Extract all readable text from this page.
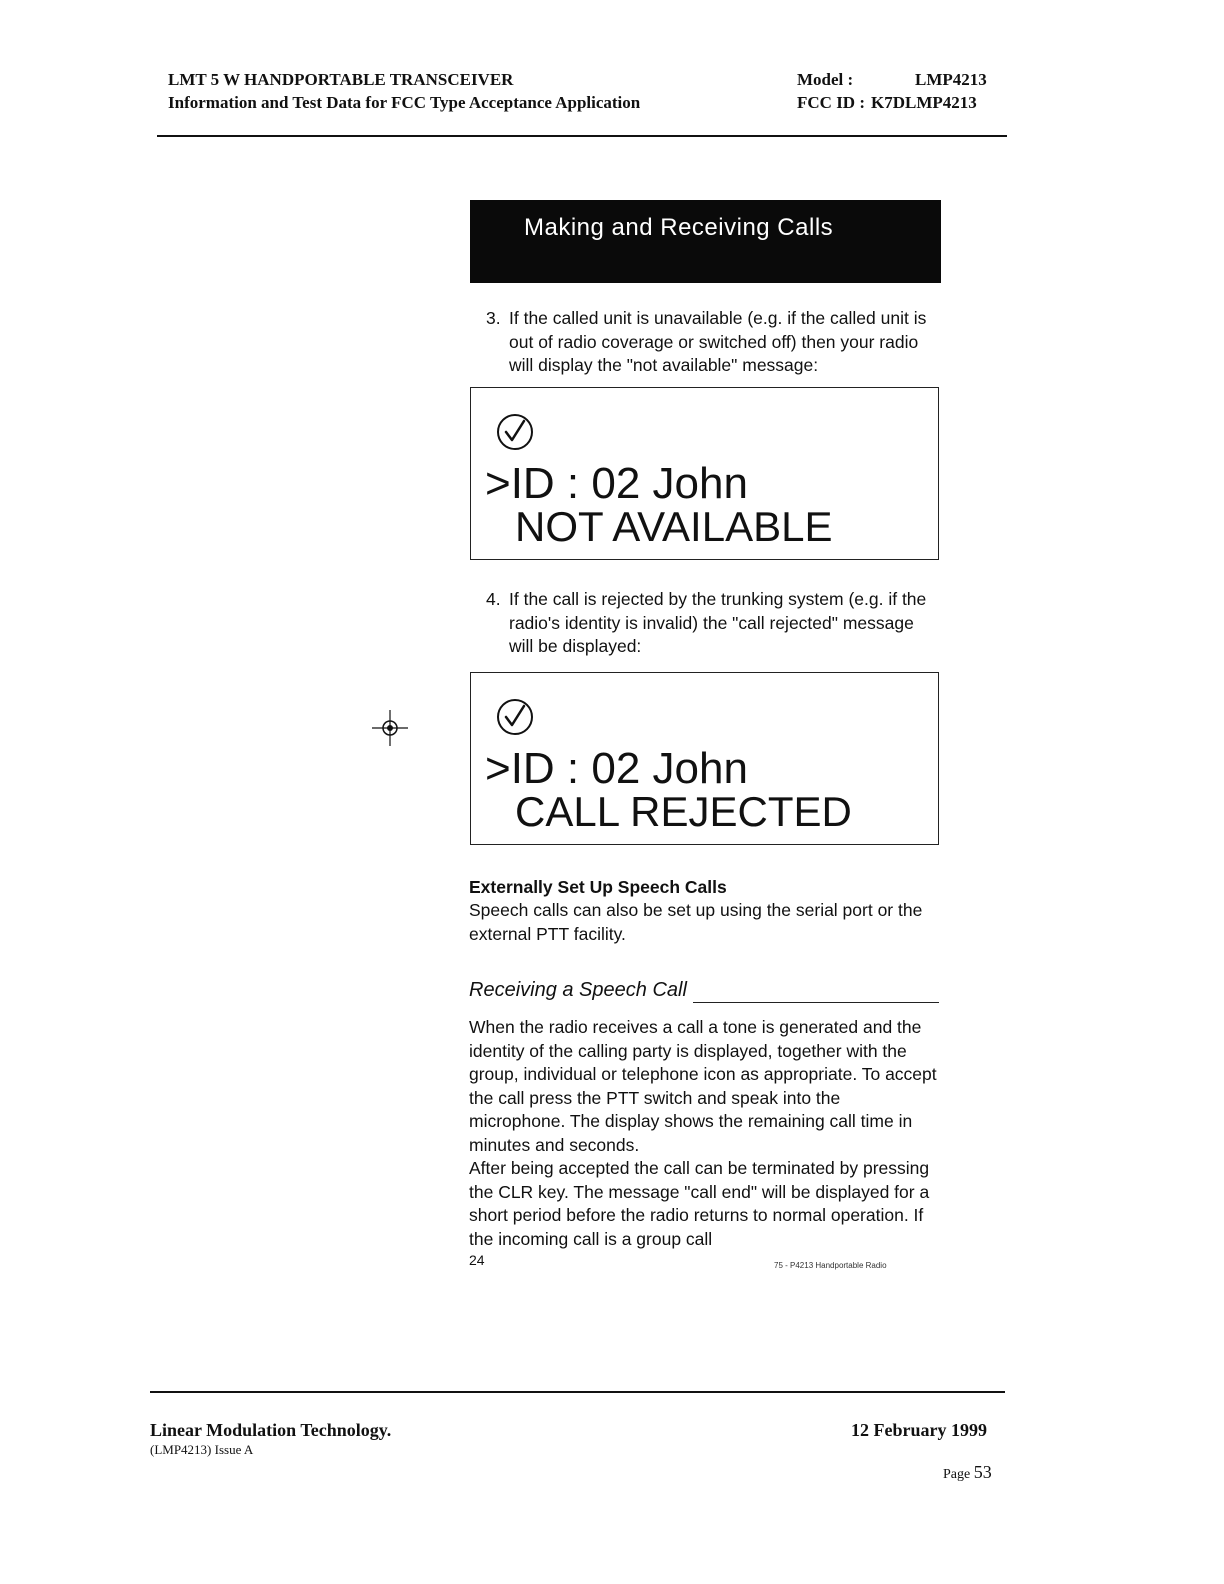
LMT 5 W HANDPORTABLE TRANSCEIVER
Information and Test Data for FCC Type Acceptance Application
Model :	LMP4213
FCC ID : K7DLMP4213
Making and Receiving Calls
3. If the called unit is unavailable (e.g. if the called unit is out of radio coverage or switched off) then your radio will display the "not available" message:
>ID : 02 John
NOT AVAILABLE
4. If the call is rejected by the trunking system (e.g. if the radio's identity is invalid) the "call rejected" message will be displayed:
>ID : 02 John
CALL REJECTED
Externally Set Up Speech Calls
Speech calls can also be set up using the serial port or the external PTT facility.
Receiving a Speech Call
When the radio receives a call a tone is generated and the identity of the calling party is displayed, together with the group, individual or telephone icon as appropriate. To accept the call press the PTT switch and speak into the microphone. The display shows the remaining call time in minutes and seconds.
After being accepted the call can be terminated by pressing the CLR key. The message "call end" will be displayed for a short period before the radio returns to normal operation. If the incoming call is a group call
24	75 - P4213 Handportable Radio
Linear Modulation Technology.
(LMP4213) Issue A
12 February 1999
Page 53
